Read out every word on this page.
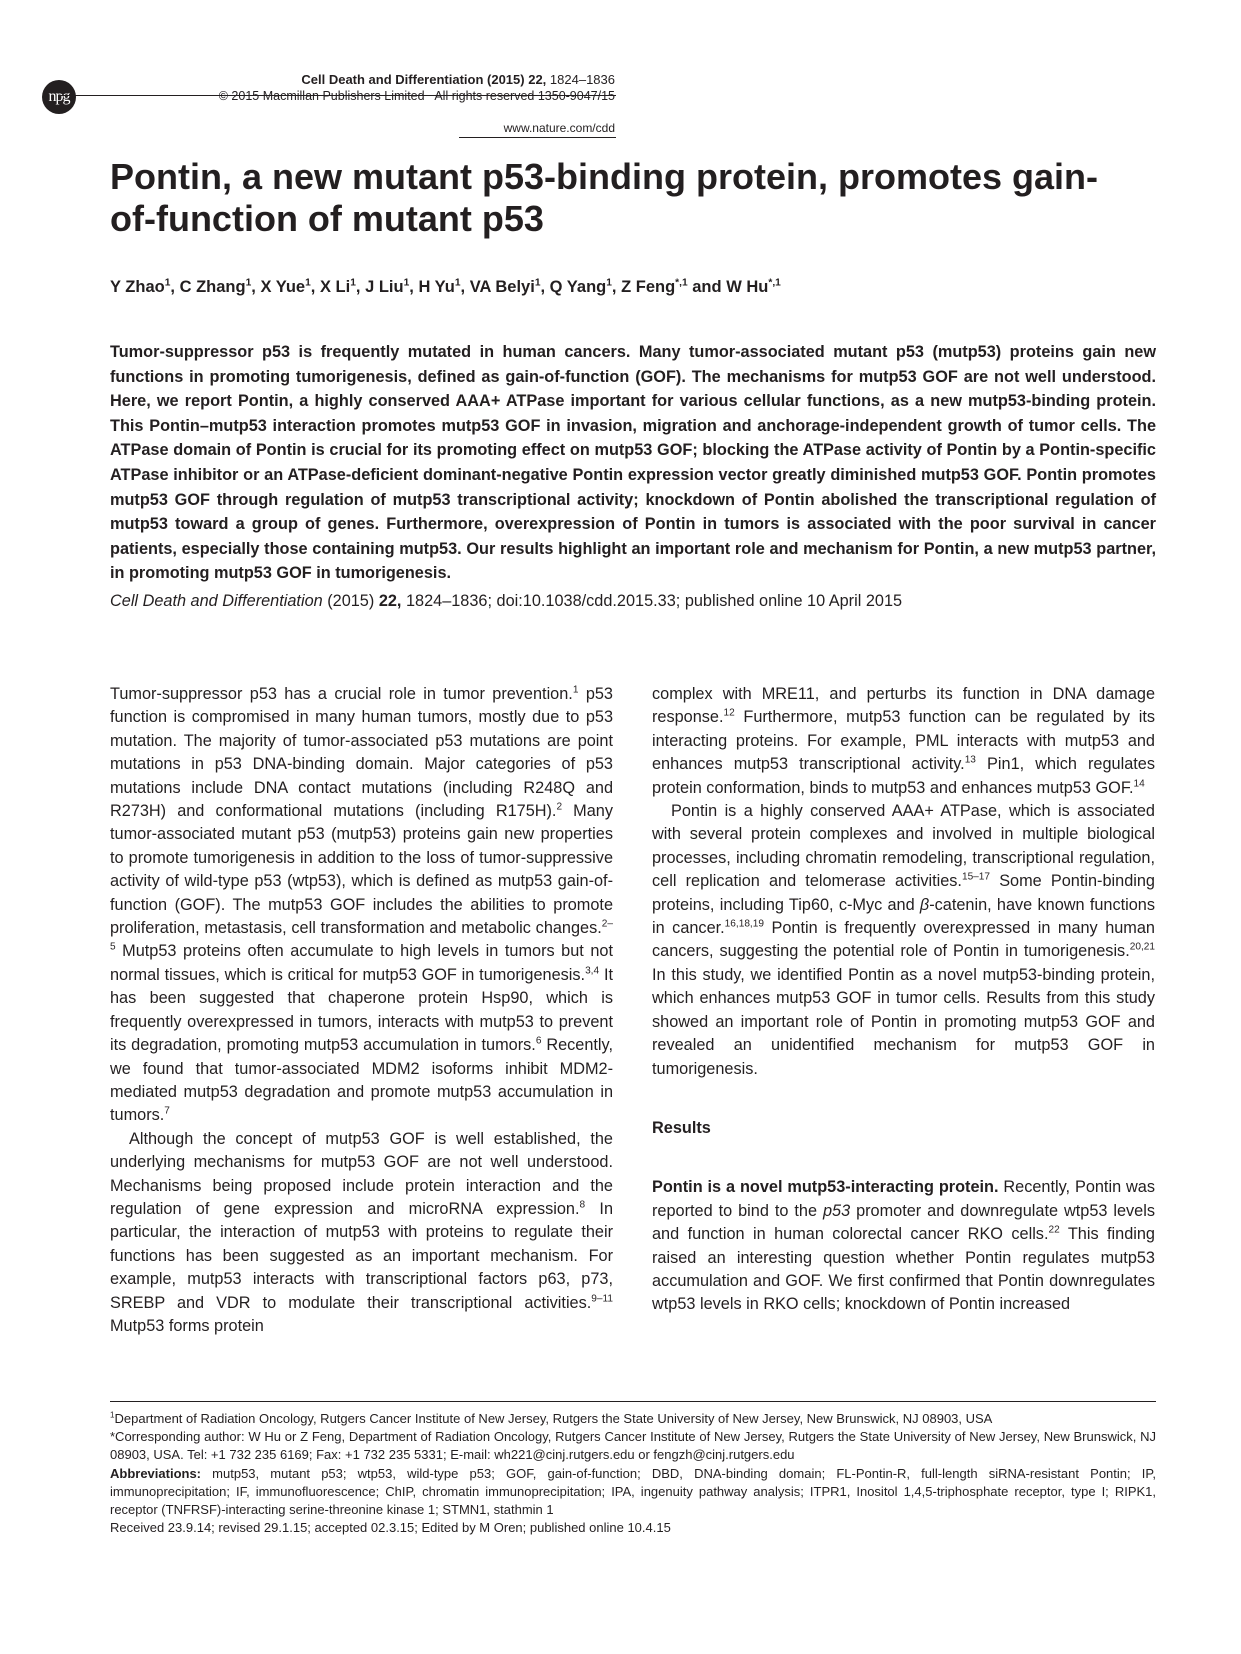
npg
Cell Death and Differentiation (2015) 22, 1824–1836
© 2015 Macmillan Publishers Limited All rights reserved 1350-9047/15
www.nature.com/cdd
Pontin, a new mutant p53-binding protein, promotes gain-of-function of mutant p53
Y Zhao$^1$, C Zhang$^1$, X Yue$^1$, X Li$^1$, J Liu$^1$, H Yu$^1$, VA Belyi$^1$, Q Yang$^1$, Z Feng$^{*,1}$ and W $Hu^{*,1}$

Tumor-suppressor p53 is frequently mutated in human cancers. Many tumor-associated mutant p53 (mutp53) proteins gain new functions in promoting tumorigenesis, defined as gain-of-function (GOF). The mechanisms for mutp53 GOF are not well understood. Here, we report Pontin, a highly conserved AAA+ ATPase important for various cellular functions, as a new mutp53-binding protein. This Pontin–mutp53 interaction promotes mutp53 GOF in invasion, migration and anchorage-independent growth of tumor cells. The ATPase domain of Pontin is crucial for its promoting effect on mutp53 GOF; blocking the ATPase activity of Pontin by a Pontin-specific ATPase inhibitor or an ATPase-deficient dominant-negative Pontin expression vector greatly diminished mutp53 GOF. Pontin promotes mutp53 GOF through regulation of mutp53 transcriptional activity; knockdown of Pontin abolished the transcriptional regulation of mutp53 toward a group of genes. Furthermore, overexpression of Pontin in tumors is associated with the poor survival in cancer patients, especially those containing mutp53. Our results highlight an important role and mechanism for Pontin, a new mutp53 partner, in promoting mutp53 GOF in tumorigenesis.

Cell Death and Differentiation (2015) 22, 1824–1836; doi:10.1038/cdd.2015.33; published online 10 April 2015

Tumor-suppressor p53 has a crucial role in tumor prevention.$^1$ p53 function is compromised in many human tumors, mostly due to p53 mutation. The majority of tumor-associated p53 mutations are point mutations in p53 DNA-binding domain. Major categories of p53 mutations include DNA contact mutations (including R248Q and R273H) and conformational mutations (including R175H).$^2$ Many tumor-associated mutant p53 (mutp53) proteins gain new properties to promote tumorigenesis in addition to the loss of tumor-suppressive activity of wild-type p53 (wtp53), which is defined as mutp53 gain-of-function (GOF). The mutp53 GOF includes the abilities to promote proliferation, metastasis, cell transformation and metabolic changes.$^{2-5}$ Mutp53 proteins often accumulate to high levels in tumors but not normal tissues, which is critical for mutp53 GOF in tumorigenesis.$^{3,4}$ It has been suggested that chaperone protein Hsp90, which is frequently overexpressed in tumors, interacts with mutp53 to prevent its degradation, promoting mutp53 accumulation in tumors.$^6$ Recently, we found that tumor-associated MDM2 isoforms inhibit MDM2-mediated mutp53 degradation and promote mutp53 accumulation in tumors.$^7$

Although the concept of mutp53 GOF is well established, the underlying mechanisms for mutp53 GOF are not well understood. Mechanisms being proposed include protein interaction and the regulation of gene expression and microRNA expression.$^8$ In particular, the interaction of mutp53 with proteins to regulate their functions has been suggested as an important mechanism. For example, mutp53 interacts with transcriptional factors p63, p73, SREBP and VDR to modulate their transcriptional activities.$^{9-11}$ Mutp53 forms protein

complex with MRE11, and perturbs its function in DNA damage response.$^{12}$ Furthermore, mutp53 function can be regulated by its interacting proteins. For example, PML interacts with mutp53 and enhances mutp53 transcriptional activity.$^{13}$ Pin1, which regulates protein conformation, binds to mutp53 and enhances mutp53 GOF.$^{14}$

Pontin is a highly conserved AAA+ ATPase, which is associated with several protein complexes and involved in multiple biological processes, including chromatin remodeling, transcriptional regulation, cell replication and telomerase activities.$^{15-17}$ Some Pontin-binding proteins, including Tip60, c-Myc and β-catenin, have known functions in cancer.$^{16,18,19}$ Pontin is frequently overexpressed in many human cancers, suggesting the potential role of Pontin in tumorigenesis.$^{20,21}$ In this study, we identified Pontin as a novel mutp53-binding protein, which enhances mutp53 GOF in tumor cells. Results from this study showed an important role of Pontin in promoting mutp53 GOF and revealed an unidentified mechanism for mutp53 GOF in tumorigenesis.

Results

Pontin is a novel mutp53-interacting protein. Recently, Pontin was reported to bind to the p53 promoter and downregulate wtp53 levels and function in human colorectal cancer RKO cells.$^{22}$ This finding raised an interesting question whether Pontin regulates mutp53 accumulation and GOF. We first confirmed that Pontin downregulates wtp53 levels in RKO cells; knockdown of Pontin increased

$^1$Department of Radiation Oncology, Rutgers Cancer Institute of New Jersey, Rutgers the State University of New Jersey, New Brunswick, NJ 08903, USA

*Corresponding author: W Hu or Z Feng, Department of Radiation Oncology, Rutgers Cancer Institute of New Jersey, Rutgers the State University of New Jersey, New Brunswick, NJ 08903, USA. Tel: +1 732 235 6169; Fax: +1 732 235 5331; E-mail: wh221@cinj.rutgers.edu or fengzh@cinj.rutgers.edu

Abbreviations: mutp53, mutant p53; wtp53, wild-type p53; GOF, gain-of-function; DBD, DNA-binding domain; FL-Pontin-R, full-length siRNA-resistant Pontin; IP, immunoprecipitation; IF, immunofluorescence; ChIP, chromatin immunoprecipitation; IPA, ingenuity pathway analysis; ITPR1, Inositol 1,4,5-triphosphate receptor, type I; RIPK1, receptor (TNFRSF)-interacting serine-threonine kinase 1; STMN1, stathmin 1

Received 23.9.14; revised 29.1.15; accepted 02.3.15; Edited by M Oren; published online 10.4.15
